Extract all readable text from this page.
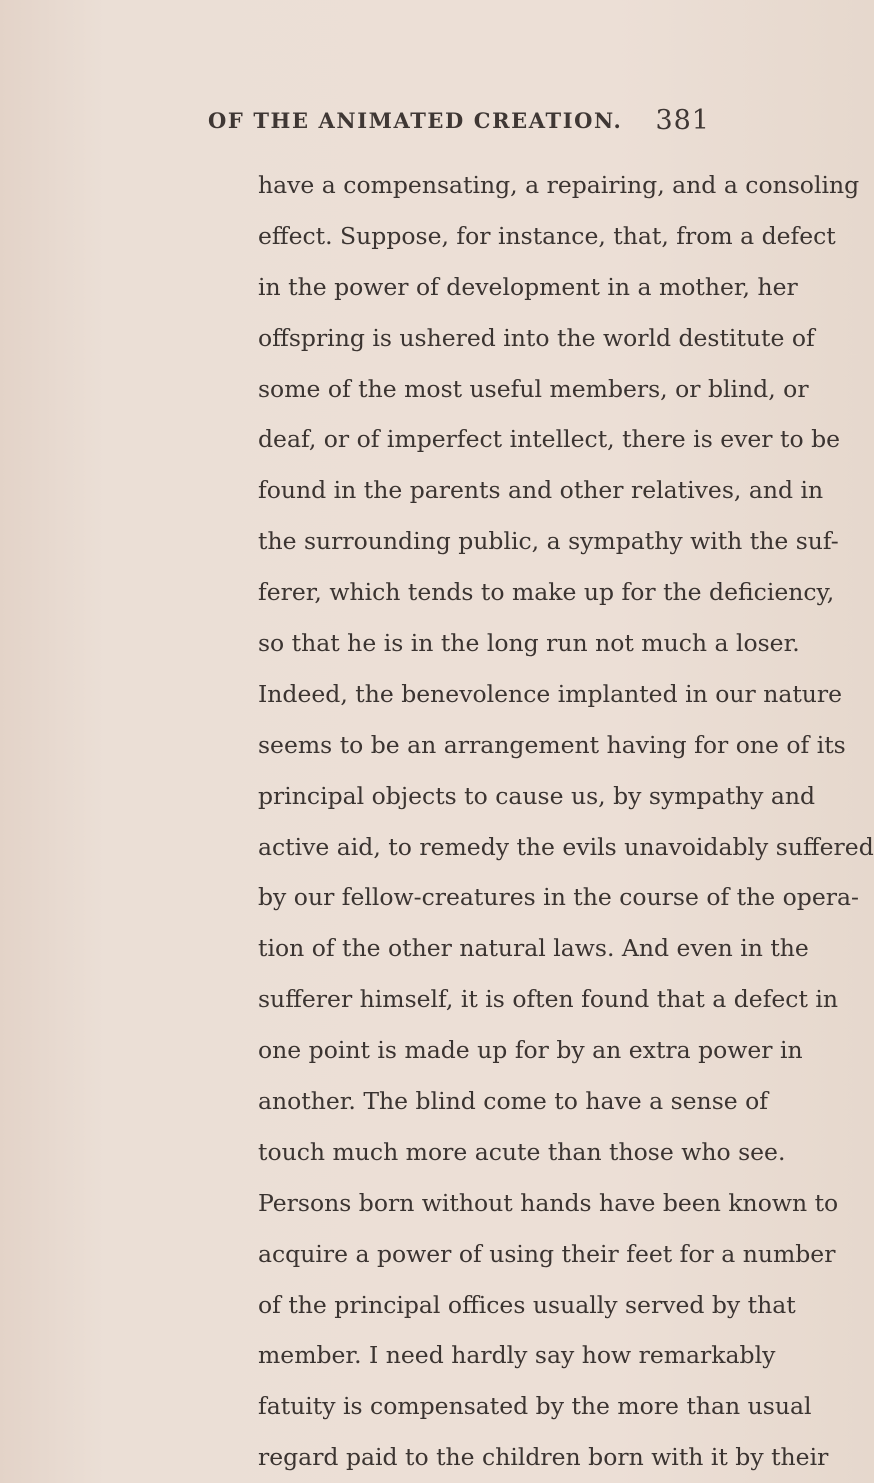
OF THE ANIMATED CREATION. 381
have a compensating, a repairing, and a consoling
effect. Suppose, for instance, that, from a defect
in the power of development in a mother, her
offspring is ushered into the world destitute of
some of the most useful members, or blind, or
deaf, or of imperfect intellect, there is ever to be
found in the parents and other relatives, and in
the surrounding public, a sympathy with the suf-
ferer, which tends to make up for the deficiency,
so that he is in the long run not much a loser.
Indeed, the benevolence implanted in our nature
seems to be an arrangement having for one of its
principal objects to cause us, by sympathy and
active aid, to remedy the evils unavoidably suffered
by our fellow-creatures in the course of the opera-
tion of the other natural laws. And even in the
sufferer himself, it is often found that a defect in
one point is made up for by an extra power in
another. The blind come to have a sense of
touch much more acute than those who see.
Persons born without hands have been known to
acquire a power of using their feet for a number
of the principal offices usually served by that
member. I need hardly say how remarkably
fatuity is compensated by the more than usual
regard paid to the children born with it by their
